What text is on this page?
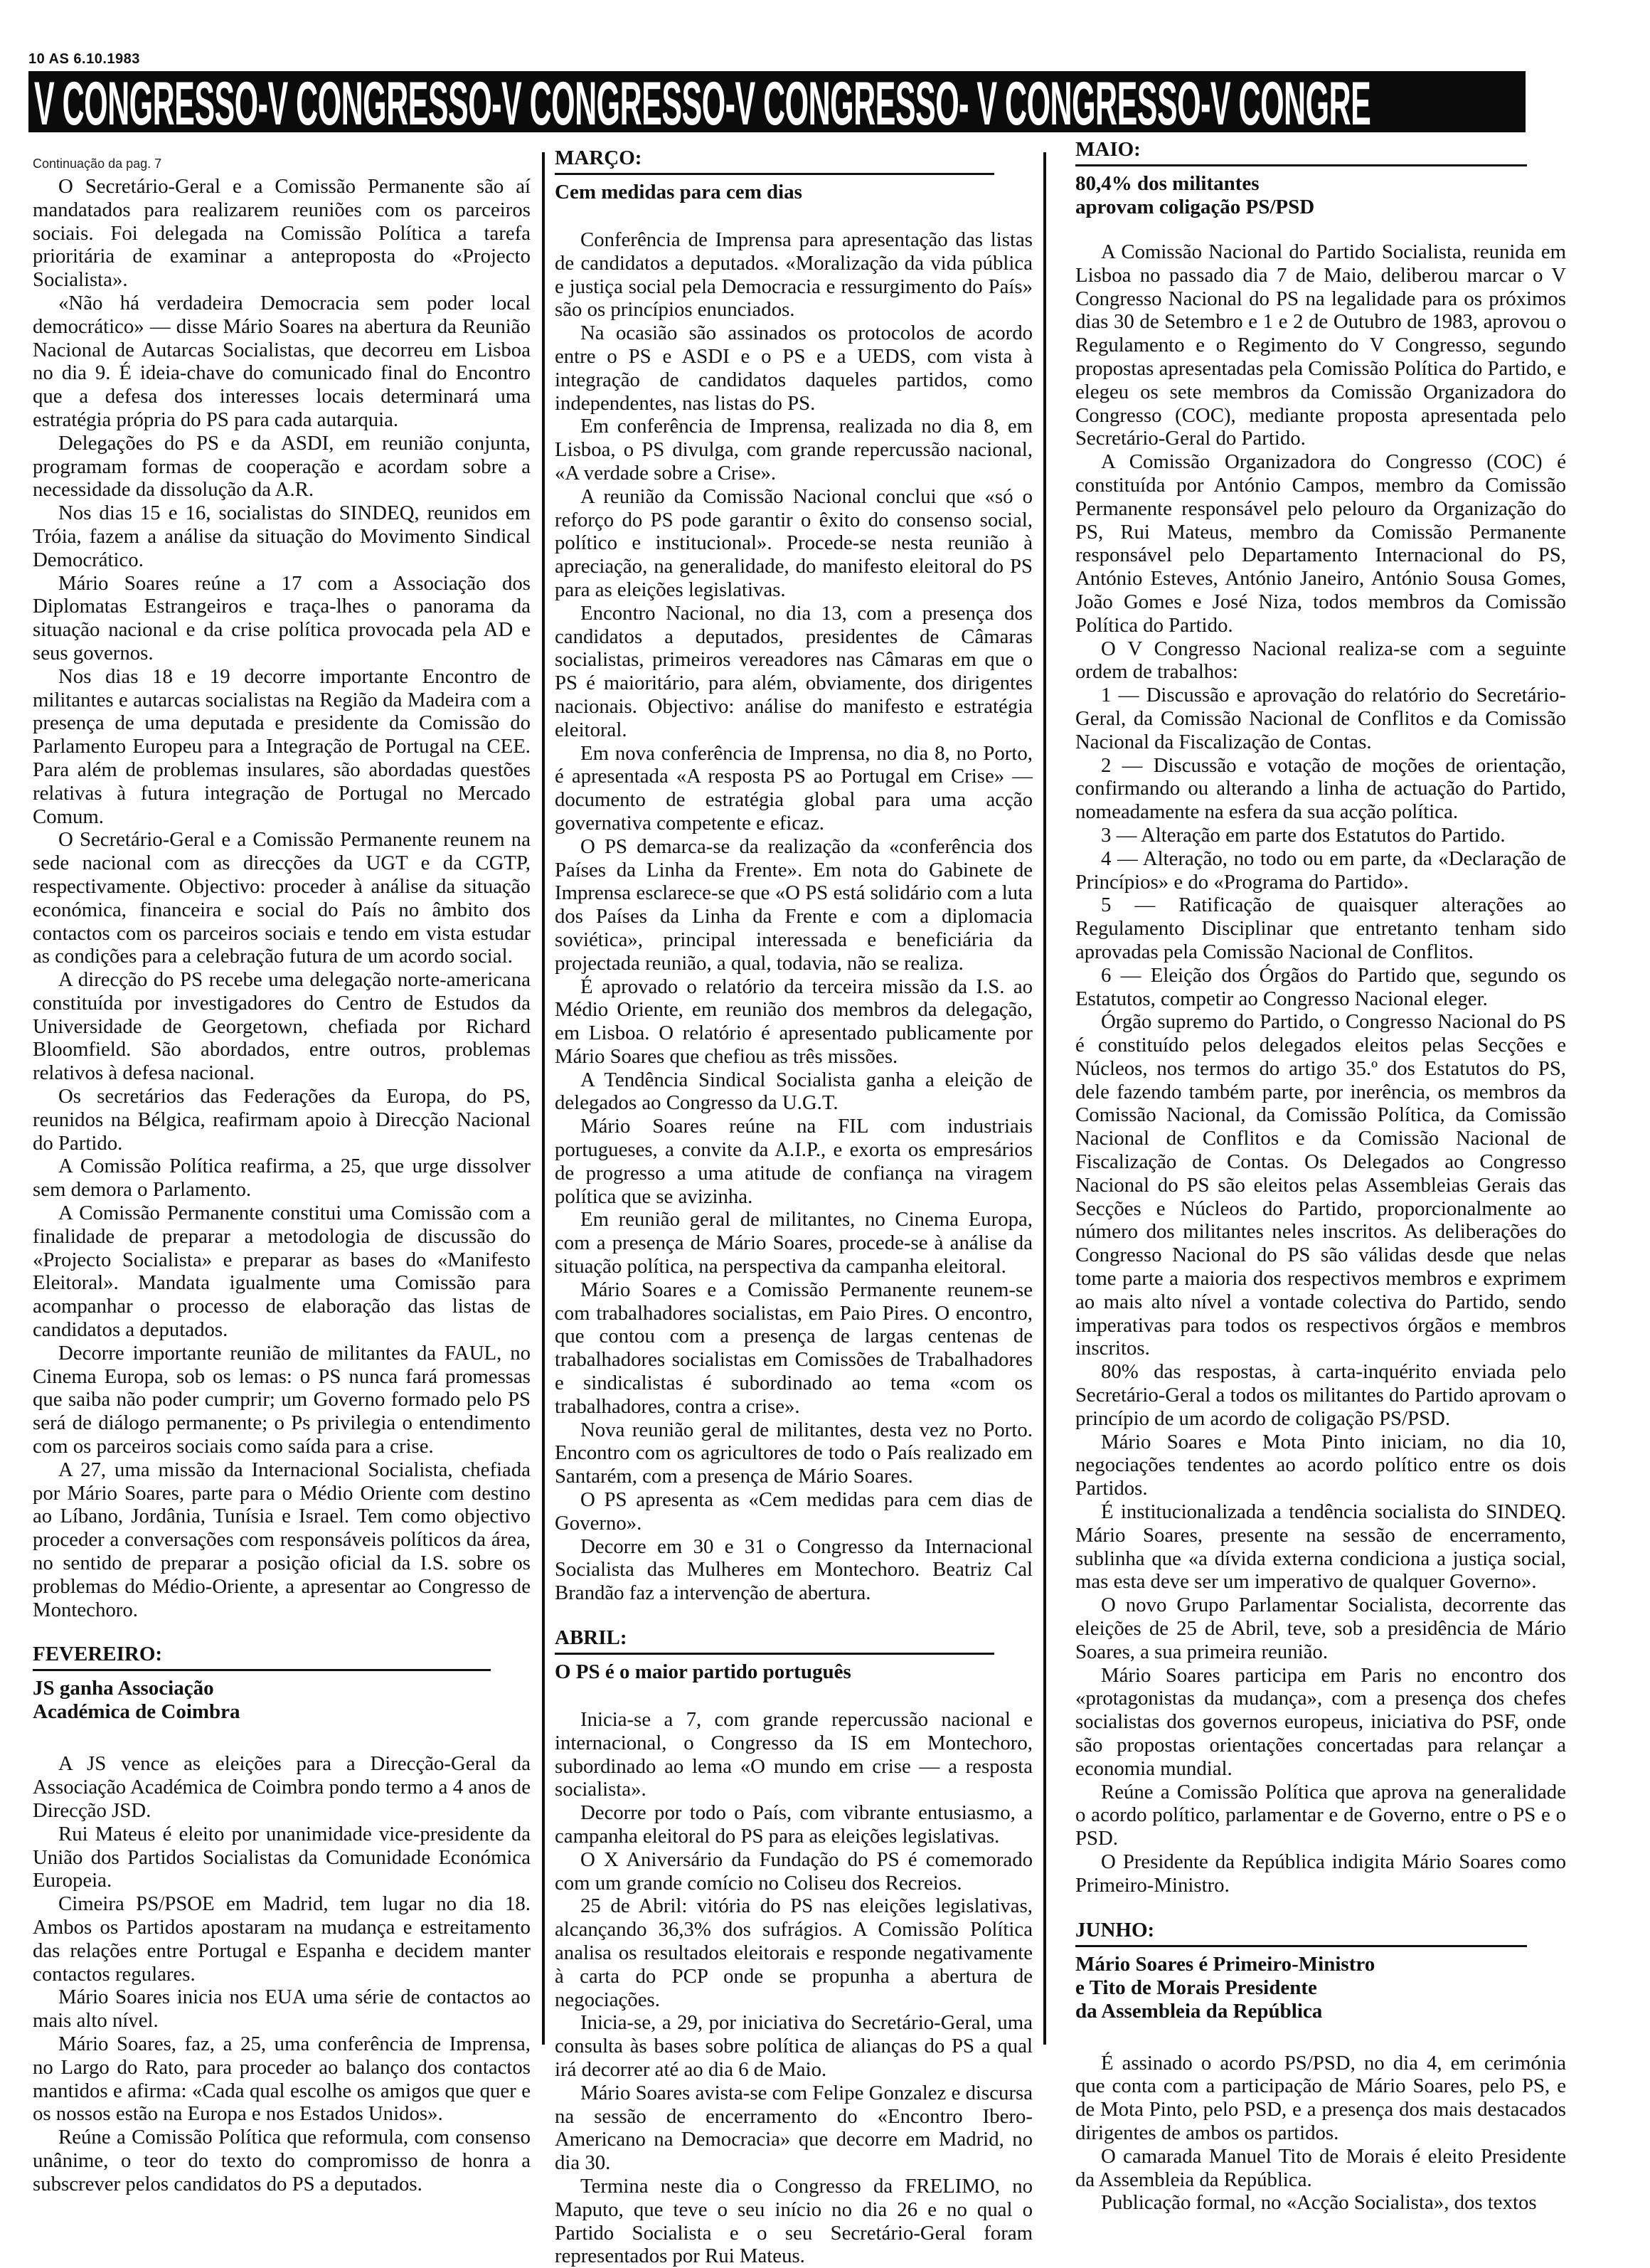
10 AS 6.10.1983
V CONGRESSO-V CONGRESSO-V CONGRESSO-V CONGRESSO- V CONGRESSO-V CONGRE
Continuação da pag. 7

O Secretário-Geral e a Comissão Permanente são aí mandatados para realizarem reuniões com os parceiros sociais. Foi delegada na Comissão Política a tarefa prioritária de examinar a anteproposta do «Projecto Socialista».

«Não há verdadeira Democracia sem poder local democrático» — disse Mário Soares na abertura da Reunião Nacional de Autarcas Socialistas, que decorreu em Lisboa no dia 9. É ideia-chave do comunicado final do Encontro que a defesa dos interesses locais determinará uma estratégia própria do PS para cada autarquia.

Delegações do PS e da ASDI, em reunião conjunta, programam formas de cooperação e acordam sobre a necessidade da dissolução da A.R.

Nos dias 15 e 16, socialistas do SINDEQ, reunidos em Tróia, fazem a análise da situação do Movimento Sindical Democrático.

Mário Soares reúne a 17 com a Associação dos Diplomatas Estrangeiros e traça-lhes o panorama da situação nacional e da crise política provocada pela AD e seus governos.

Nos dias 18 e 19 decorre importante Encontro de militantes e autarcas socialistas na Região da Madeira com a presença de uma deputada e presidente da Comissão do Parlamento Europeu para a Integração de Portugal na CEE. Para além de problemas insulares, são abordadas questões relativas à futura integração de Portugal no Mercado Comum.

O Secretário-Geral e a Comissão Permanente reunem na sede nacional com as direcções da UGT e da CGTP, respectivamente. Objectivo: proceder à análise da situação económica, financeira e social do País no âmbito dos contactos com os parceiros sociais e tendo em vista estudar as condições para a celebração futura de um acordo social.

A direcção do PS recebe uma delegação norte-americana constituída por investigadores do Centro de Estudos da Universidade de Georgetown, chefiada por Richard Bloomfield. São abordados, entre outros, problemas relativos à defesa nacional.

Os secretários das Federações da Europa, do PS, reunidos na Bélgica, reafirmam apoio à Direcção Nacional do Partido.

A Comissão Política reafirma, a 25, que urge dissolver sem demora o Parlamento.

A Comissão Permanente constitui uma Comissão com a finalidade de preparar a metodologia de discussão do «Projecto Socialista» e preparar as bases do «Manifesto Eleitoral». Mandata igualmente uma Comissão para acompanhar o processo de elaboração das listas de candidatos a deputados.

Decorre importante reunião de militantes da FAUL, no Cinema Europa, sob os lemas: o PS nunca fará promessas que saiba não poder cumprir; um Governo formado pelo PS será de diálogo permanente; o Ps privilegia o entendimento com os parceiros sociais como saída para a crise.

A 27, uma missão da Internacional Socialista, chefiada por Mário Soares, parte para o Médio Oriente com destino ao Líbano, Jordânia, Tunísia e Israel. Tem como objectivo proceder a conversações com responsáveis políticos da área, no sentido de preparar a posição oficial da I.S. sobre os problemas do Médio-Oriente, a apresentar ao Congresso de Montechoro.

FEVEREIRO:
JS ganha Associação
Académica de Coimbra

A JS vence as eleições para a Direcção-Geral da Associação Académica de Coimbra pondo termo a 4 anos de Direcção JSD.

Rui Mateus é eleito por unanimidade vice-presidente da União dos Partidos Socialistas da Comunidade Económica Europeia.

Cimeira PS/PSOE em Madrid, tem lugar no dia 18. Ambos os Partidos apostaram na mudança e estreitamento das relações entre Portugal e Espanha e decidem manter contactos regulares.

Mário Soares inicia nos EUA uma série de contactos ao mais alto nível.

Mário Soares, faz, a 25, uma conferência de Imprensa, no Largo do Rato, para proceder ao balanço dos contactos mantidos e afirma: «Cada qual escolhe os amigos que quer e os nossos estão na Europa e nos Estados Unidos».

Reúne a Comissão Política que reformula, com consenso unânime, o teor do texto do compromisso de honra a subscrever pelos candidatos do PS a deputados.

MARÇO:
Cem medidas para cem dias

Conferência de Imprensa para apresentação das listas de candidatos a deputados. «Moralização da vida pública e justiça social pela Democracia e ressurgimento do País» são os princípios enunciados.

Na ocasião são assinados os protocolos de acordo entre o PS e ASDI e o PS e a UEDS, com vista à integração de candidatos daqueles partidos, como independentes, nas listas do PS.

Em conferência de Imprensa, realizada no dia 8, em Lisboa, o PS divulga, com grande repercussão nacional, «A verdade sobre a Crise».

A reunião da Comissão Nacional conclui que «só o reforço do PS pode garantir o êxito do consenso social, político e institucional». Procede-se nesta reunião à apreciação, na generalidade, do manifesto eleitoral do PS para as eleições legislativas.

Encontro Nacional, no dia 13, com a presença dos candidatos a deputados, presidentes de Câmaras socialistas, primeiros vereadores nas Câmaras em que o PS é maioritário, para além, obviamente, dos dirigentes nacionais. Objectivo: análise do manifesto e estratégia eleitoral.

Em nova conferência de Imprensa, no dia 8, no Porto, é apresentada «A resposta PS ao Portugal em Crise» — documento de estratégia global para uma acção governativa competente e eficaz.

O PS demarca-se da realização da «conferência dos Países da Linha da Frente». Em nota do Gabinete de Imprensa esclarece-se que «O PS está solidário com a luta dos Países da Linha da Frente e com a diplomacia soviética», principal interessada e beneficiária da projectada reunião, a qual, todavia, não se realiza.

É aprovado o relatório da terceira missão da I.S. ao Médio Oriente, em reunião dos membros da delegação, em Lisboa. O relatório é apresentado publicamente por Mário Soares que chefiou as três missões.

A Tendência Sindical Socialista ganha a eleição de delegados ao Congresso da U.G.T.

Mário Soares reúne na FIL com industriais portugueses, a convite da A.I.P., e exorta os empresários de progresso a uma atitude de confiança na viragem política que se avizinha.

Em reunião geral de militantes, no Cinema Europa, com a presença de Mário Soares, procede-se à análise da situação política, na perspectiva da campanha eleitoral.

Mário Soares e a Comissão Permanente reunem-se com trabalhadores socialistas, em Paio Pires. O encontro, que contou com a presença de largas centenas de trabalhadores socialistas em Comissões de Trabalhadores e sindicalistas é subordinado ao tema «com os trabalhadores, contra a crise».

Nova reunião geral de militantes, desta vez no Porto. Encontro com os agricultores de todo o País realizado em Santarém, com a presença de Mário Soares.

O PS apresenta as «Cem medidas para cem dias de Governo».

Decorre em 30 e 31 o Congresso da Internacional Socialista das Mulheres em Montechoro. Beatriz Cal Brandão faz a intervenção de abertura.

ABRIL:
O PS é o maior partido português

Inicia-se a 7, com grande repercussão nacional e internacional, o Congresso da IS em Montechoro, subordinado ao lema «O mundo em crise — a resposta socialista».

Decorre por todo o País, com vibrante entusiasmo, a campanha eleitoral do PS para as eleições legislativas.

O X Aniversário da Fundação do PS é comemorado com um grande comício no Coliseu dos Recreios.

25 de Abril: vitória do PS nas eleições legislativas, alcançando 36,3% dos sufrágios. A Comissão Política analisa os resultados eleitorais e responde negativamente à carta do PCP onde se propunha a abertura de negociações.

Inicia-se, a 29, por iniciativa do Secretário-Geral, uma consulta às bases sobre política de alianças do PS a qual irá decorrer até ao dia 6 de Maio.

Mário Soares avista-se com Felipe Gonzalez e discursa na sessão de encerramento do «Encontro Ibero-Americano na Democracia» que decorre em Madrid, no dia 30.

Termina neste dia o Congresso da FRELIMO, no Maputo, que teve o seu início no dia 26 e no qual o Partido Socialista e o seu Secretário-Geral foram representados por Rui Mateus.

MAIO:
80,4% dos militantes
aprovam coligação PS/PSD

A Comissão Nacional do Partido Socialista, reunida em Lisboa no passado dia 7 de Maio, deliberou marcar o V Congresso Nacional do PS na legalidade para os próximos dias 30 de Setembro e 1 e 2 de Outubro de 1983, aprovou o Regulamento e o Regimento do V Congresso, segundo propostas apresentadas pela Comissão Política do Partido, e elegeu os sete membros da Comissão Organizadora do Congresso (COC), mediante proposta apresentada pelo Secretário-Geral do Partido.

A Comissão Organizadora do Congresso (COC) é constituída por António Campos, membro da Comissão Permanente responsável pelo pelouro da Organização do PS, Rui Mateus, membro da Comissão Permanente responsável pelo Departamento Internacional do PS, António Esteves, António Janeiro, António Sousa Gomes, João Gomes e José Niza, todos membros da Comissão Política do Partido.

O V Congresso Nacional realiza-se com a seguinte ordem de trabalhos:

1 — Discussão e aprovação do relatório do Secretário-Geral, da Comissão Nacional de Conflitos e da Comissão Nacional da Fiscalização de Contas.

2 — Discussão e votação de moções de orientação, confirmando ou alterando a linha de actuação do Partido, nomeadamente na esfera da sua acção política.

3 — Alteração em parte dos Estatutos do Partido.

4 — Alteração, no todo ou em parte, da «Declaração de Princípios» e do «Programa do Partido».

5 — Ratificação de quaisquer alterações ao Regulamento Disciplinar que entretanto tenham sido aprovadas pela Comissão Nacional de Conflitos.

6 — Eleição dos Órgãos do Partido que, segundo os Estatutos, competir ao Congresso Nacional eleger.

Órgão supremo do Partido, o Congresso Nacional do PS é constituído pelos delegados eleitos pelas Secções e Núcleos, nos termos do artigo 35.º dos Estatutos do PS, dele fazendo também parte, por inerência, os membros da Comissão Nacional, da Comissão Política, da Comissão Nacional de Conflitos e da Comissão Nacional de Fiscalização de Contas. Os Delegados ao Congresso Nacional do PS são eleitos pelas Assembleias Gerais das Secções e Núcleos do Partido, proporcionalmente ao número dos militantes neles inscritos. As deliberações do Congresso Nacional do PS são válidas desde que nelas tome parte a maioria dos respectivos membros e exprimem ao mais alto nível a vontade colectiva do Partido, sendo imperativas para todos os respectivos órgãos e membros inscritos.

80% das respostas, à carta-inquérito enviada pelo Secretário-Geral a todos os militantes do Partido aprovam o princípio de um acordo de coligação PS/PSD.

Mário Soares e Mota Pinto iniciam, no dia 10, negociações tendentes ao acordo político entre os dois Partidos.

É institucionalizada a tendência socialista do SINDEQ. Mário Soares, presente na sessão de encerramento, sublinha que «a dívida externa condiciona a justiça social, mas esta deve ser um imperativo de qualquer Governo».

O novo Grupo Parlamentar Socialista, decorrente das eleições de 25 de Abril, teve, sob a presidência de Mário Soares, a sua primeira reunião.

Mário Soares participa em Paris no encontro dos «protagonistas da mudança», com a presença dos chefes socialistas dos governos europeus, iniciativa do PSF, onde são propostas orientações concertadas para relançar a economia mundial.

Reúne a Comissão Política que aprova na generalidade o acordo político, parlamentar e de Governo, entre o PS e o PSD.

O Presidente da República indigita Mário Soares como Primeiro-Ministro.

JUNHO:
Mário Soares é Primeiro-Ministro
e Tito de Morais Presidente
da Assembleia da República

É assinado o acordo PS/PSD, no dia 4, em cerimónia que conta com a participação de Mário Soares, pelo PS, e de Mota Pinto, pelo PSD, e a presença dos mais destacados dirigentes de ambos os partidos.

O camarada Manuel Tito de Morais é eleito Presidente da Assembleia da República.

Publicação formal, no «Acção Socialista», dos textos
